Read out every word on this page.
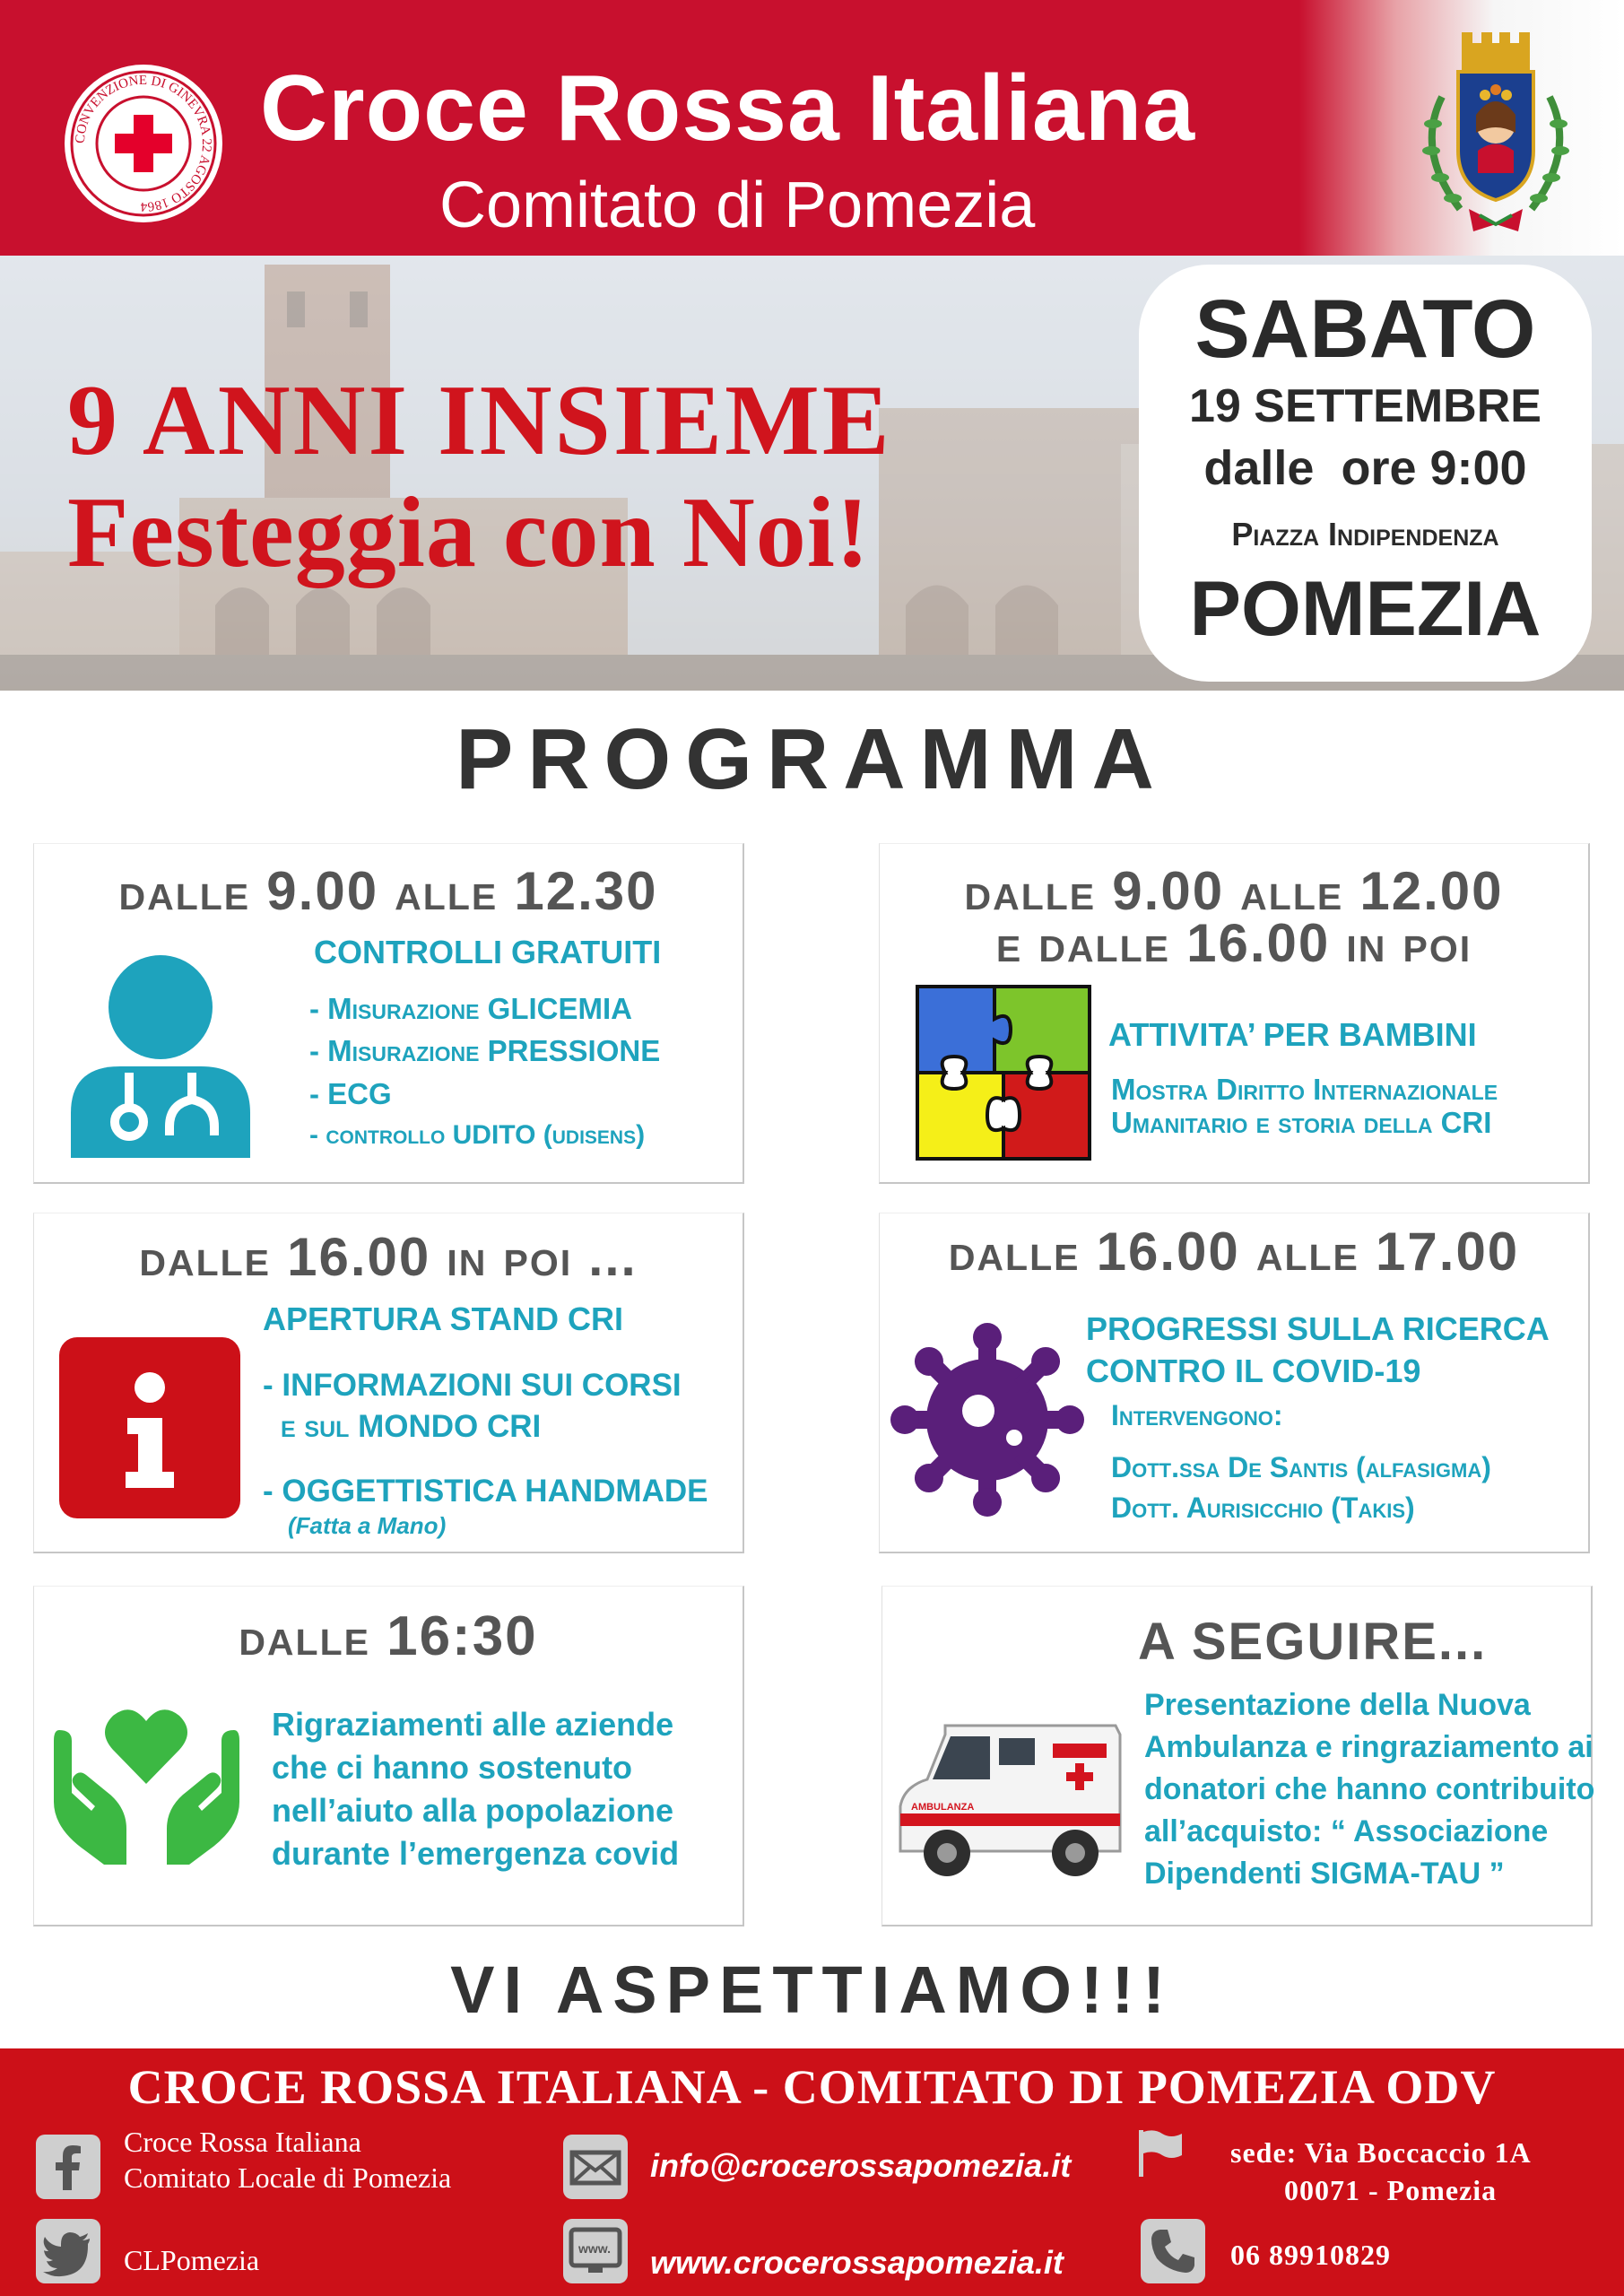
CONVENZIONE DI GINEVRA 22 AGOSTO 1864
Croce Rossa Italiana
Comitato di Pomezia
9 ANNI INSIEME
Festeggia con Noi!
SABATO
19 SETTEMBRE
dalle  ore 9:00
Piazza Indipendenza
POMEZIA
PROGRAMMA
dalle 9.00 alle 12.30
CONTROLLI GRATUITI
- Misurazione GLICEMIA
- Misurazione PRESSIONE
- ECG
- controllo UDITO (udisens)
dalle 9.00 alle 12.00
e dalle 16.00 in poi
ATTIVITA’ PER BAMBINI
Mostra Diritto Internazionale
Umanitario e storia della CRI
dalle 16.00 in poi ...
APERTURA STAND CRI
- INFORMAZIONI SUI CORSI
e sul MONDO CRI
- OGGETTISTICA HANDMADE
(Fatta a Mano)
dalle 16.00 alle 17.00
PROGRESSI SULLA RICERCA
CONTRO IL COVID-19
Intervengono:
Dott.ssa De Santis (alfasigma)
Dott. Aurisicchio (Takis)
dalle 16:30
Rigraziamenti alle aziende
che ci hanno sostenuto
nell’aiuto alla popolazione
durante l’emergenza covid
A SEGUIRE...
Presentazione della Nuova
Ambulanza e ringraziamento ai
donatori che hanno contribuito
all’acquisto: “ Associazione
Dipendenti SIGMA-TAU ”
AMBULANZA
VI ASPETTIAMO!!!
CROCE ROSSA ITALIANA - COMITATO DI POMEZIA ODV
Croce Rossa Italiana
Comitato Locale di Pomezia
CLPomezia
info@crocerossapomezia.it
www. www.crocerossapomezia.it
sede: Via Boccaccio 1A
00071 - Pomezia
06 89910829
